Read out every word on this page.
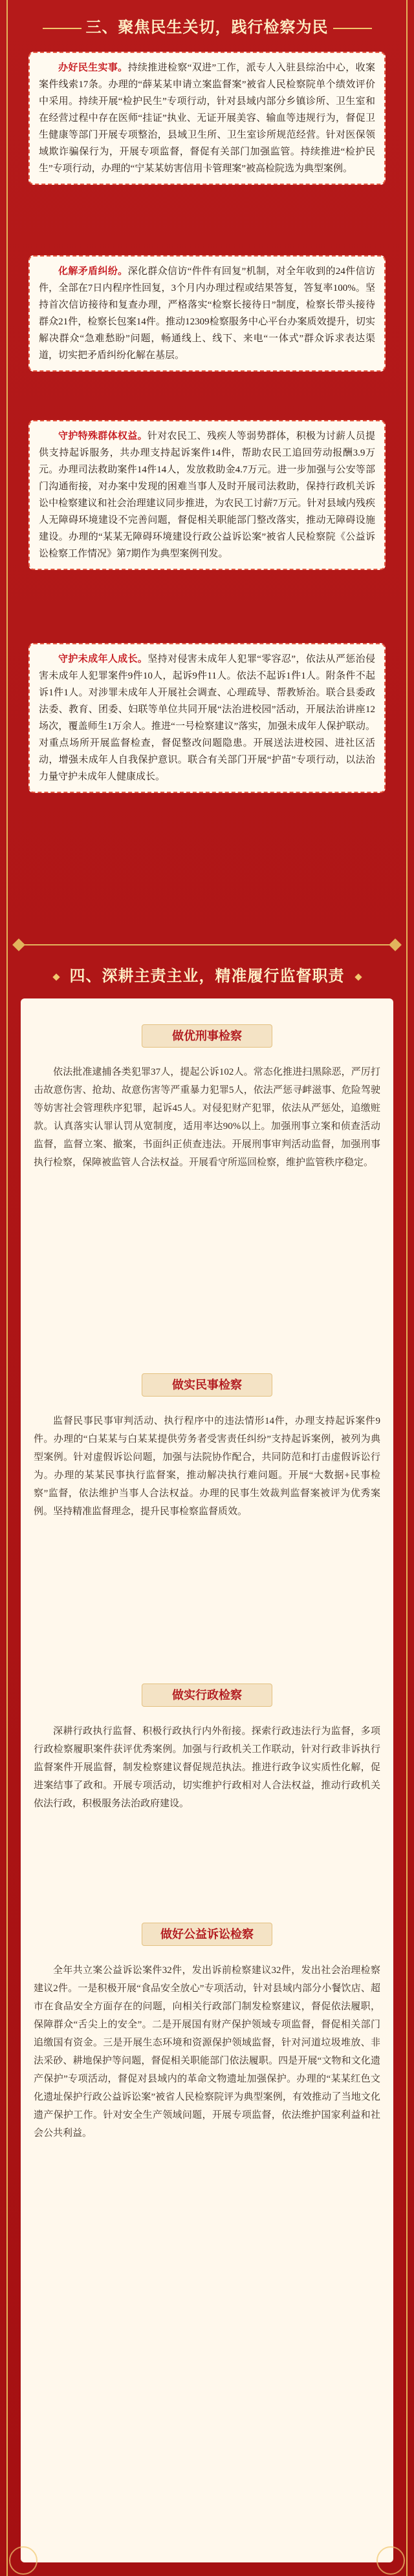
三、聚焦民生关切，践行检察为民

办好民生实事。持续推进检察“双进”工作，派专人入驻县综治中心，收案案件线索17条。办理的“薛某某申请立案监督案”被省人民检察院单个绩效评价中采用。持续开展“检护民生”专项行动，针对县域内部分乡镇诊所、卫生室和在经营过程中存在医师“挂证”执业、无证开展美容、输血等违规行为，督促卫生健康等部门开展专项整治，县域卫生所、卫生室诊所规范经营。针对医保领域欺诈骗保行为，开展专项监督，督促有关部门加强监管。持续推进“检护民生”专项行动，办理的“宁某某妨害信用卡管理案”被高检院选为典型案例。

化解矛盾纠纷。深化群众信访“件件有回复”机制，对全年收到的24件信访件，全部在7日内程序性回复，3个月内办理过程或结果答复，答复率100%。坚持首次信访接待和复查办理，严格落实“检察长接待日”制度，检察长带头接待群众21件，检察长包案14件。推动12309检察服务中心平台办案质效提升，切实解决群众“急难愁盼”问题，畅通线上、线下、来电“一体式”群众诉求表达渠道，切实把矛盾纠纷化解在基层。

守护特殊群体权益。针对农民工、残疾人等弱势群体，积极为讨薪人员提供支持起诉服务，共办理支持起诉案件14件，帮助农民工追回劳动报酬3.9万元。办理司法救助案件14件14人，发放救助金4.7万元。进一步加强与公安等部门沟通衔接，对办案中发现的困难当事人及时开展司法救助，保持行政机关诉讼中检察建议和社会治理建议同步推进，为农民工讨薪7万元。针对县域内残疾人无障碍环境建设不完善问题，督促相关职能部门整改落实，推动无障碍设施建设。办理的“某某无障碍环境建设行政公益诉讼案”被省人民检察院《公益诉讼检察工作情况》第7期作为典型案例刊发。

守护未成年人成长。坚持对侵害未成年人犯罪“零容忍”，依法从严惩治侵害未成年人犯罪案件9件10人，起诉9件11人。依法不起诉1件1人。附条件不起诉1件1人。对涉罪未成年人开展社会调查、心理疏导、帮教矫治。联合县委政法委、教育、团委、妇联等单位共同开展“法治进校园”活动，开展法治讲座12场次，覆盖师生1万余人。推进“一号检察建议”落实，加强未成年人保护联动。对重点场所开展监督检查，督促整改问题隐患。开展送法进校园、进社区活动，增强未成年人自我保护意识。联合有关部门开展“护苗”专项行动，以法治力量守护未成年人健康成长。

四、深耕主责主业，精准履行监督职责
做优刑事检察

依法批准逮捕各类犯罪37人，提起公诉102人。常态化推进扫黑除恶，严厉打击故意伤害、抢劫、故意伤害等严重暴力犯罪5人，依法严惩寻衅滋事、危险驾驶等妨害社会管理秩序犯罪，起诉45人。对侵犯财产犯罪，依法从严惩处，追缴赃款。认真落实认罪认罚从宽制度，适用率达90%以上。加强刑事立案和侦查活动监督，监督立案、撤案，书面纠正侦查违法。开展刑事审判活动监督，加强刑事执行检察，保障被监管人合法权益。开展看守所巡回检察，维护监管秩序稳定。

做实民事检察

监督民事民事审判活动、执行程序中的违法情形14件，办理支持起诉案件9件。办理的“白某某与白某某提供劳务者受害责任纠纷”支持起诉案例，被列为典型案例。针对虚假诉讼问题，加强与法院协作配合，共同防范和打击虚假诉讼行为。办理的某某民事执行监督案，推动解决执行难问题。开展“大数据+民事检察”监督，依法维护当事人合法权益。办理的民事生效裁判监督案被评为优秀案例。坚持精准监督理念，提升民事检察监督质效。

做实行政检察

深耕行政执行监督、积极行政执行内外衔接。探索行政违法行为监督，多项行政检察履职案件获评优秀案例。加强与行政机关工作联动，针对行政非诉执行监督案件开展监督，制发检察建议督促规范执法。推进行政争议实质性化解，促进案结事了政和。开展专项活动，切实维护行政相对人合法权益，推动行政机关依法行政，积极服务法治政府建设。

做好公益诉讼检察

全年共立案公益诉讼案件32件，发出诉前检察建议32件，发出社会治理检察建议2件。一是积极开展“食品安全放心”专项活动，针对县域内部分小餐饮店、超市在食品安全方面存在的问题，向相关行政部门制发检察建议，督促依法履职，保障群众“舌尖上的安全”。二是开展国有财产保护领域专项监督，督促相关部门追缴国有资金。三是开展生态环境和资源保护领域监督，针对河道垃圾堆放、非法采砂、耕地保护等问题，督促相关职能部门依法履职。四是开展“文物和文化遗产保护”专项活动，督促对县域内的革命文物遗址加强保护。办理的“某某红色文化遗址保护行政公益诉讼案”被省人民检察院评为典型案例，有效推动了当地文化遗产保护工作。针对安全生产领域问题，开展专项监督，依法维护国家利益和社会公共利益。
